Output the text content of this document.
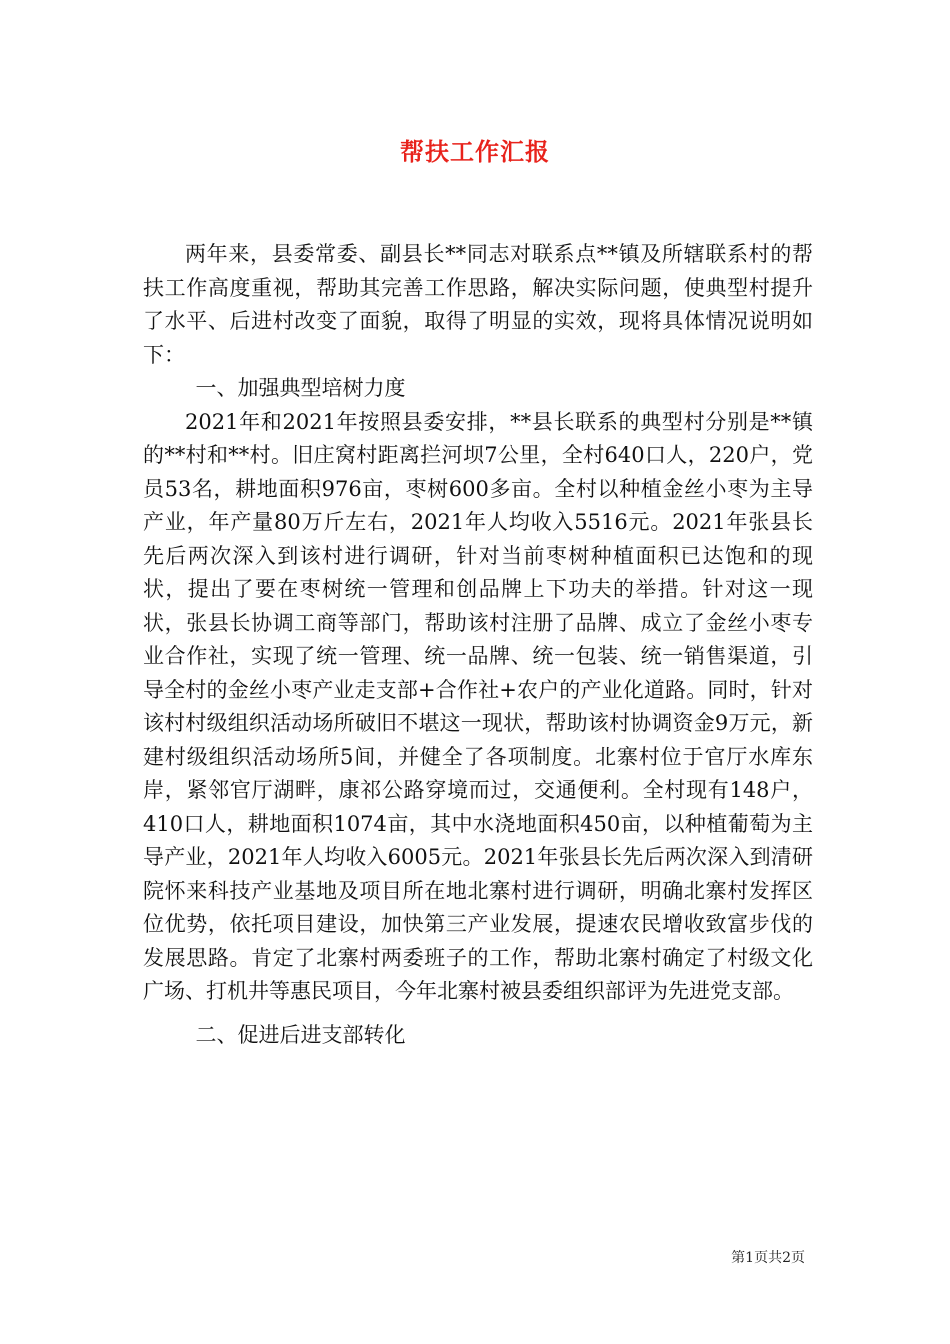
帮扶工作汇报

两年来，县委常委、副县长**同志对联系点**镇及所辖联系村的帮扶工作高度重视，帮助其完善工作思路，解决实际问题，使典型村提升了水平、后进村改变了面貌，取得了明显的实效，现将具体情况说明如下：

一、加强典型培树力度

2021年和2021年按照县委安排，**县长联系的典型村分别是**镇的**村和**村。旧庄窝村距离拦河坝7公里，全村640口人，220户，党员53名，耕地面积976亩，枣树600多亩。全村以种植金丝小枣为主导产业，年产量80万斤左右，2021年人均收入5516元。2021年张县长先后两次深入到该村进行调研，针对当前枣树种植面积已达饱和的现状，提出了要在枣树统一管理和创品牌上下功夫的举措。针对这一现状，张县长协调工商等部门，帮助该村注册了品牌、成立了金丝小枣专业合作社，实现了统一管理、统一品牌、统一包装、统一销售渠道，引导全村的金丝小枣产业走支部+合作社+农户的产业化道路。同时，针对该村村级组织活动场所破旧不堪这一现状，帮助该村协调资金9万元，新建村级组织活动场所5间，并健全了各项制度。北寨村位于官厅水库东岸，紧邻官厅湖畔，康祁公路穿境而过，交通便利。全村现有148户，410口人，耕地面积1074亩，其中水浇地面积450亩，以种植葡萄为主导产业，2021年人均收入6005元。2021年张县长先后两次深入到清研院怀来科技产业基地及项目所在地北寨村进行调研，明确北寨村发挥区位优势，依托项目建设，加快第三产业发展，提速农民增收致富步伐的发展思路。肯定了北寨村两委班子的工作，帮助北寨村确定了村级文化广场、打机井等惠民项目，今年北寨村被县委组织部评为先进党支部。

二、促进后进支部转化

第1页共2页
